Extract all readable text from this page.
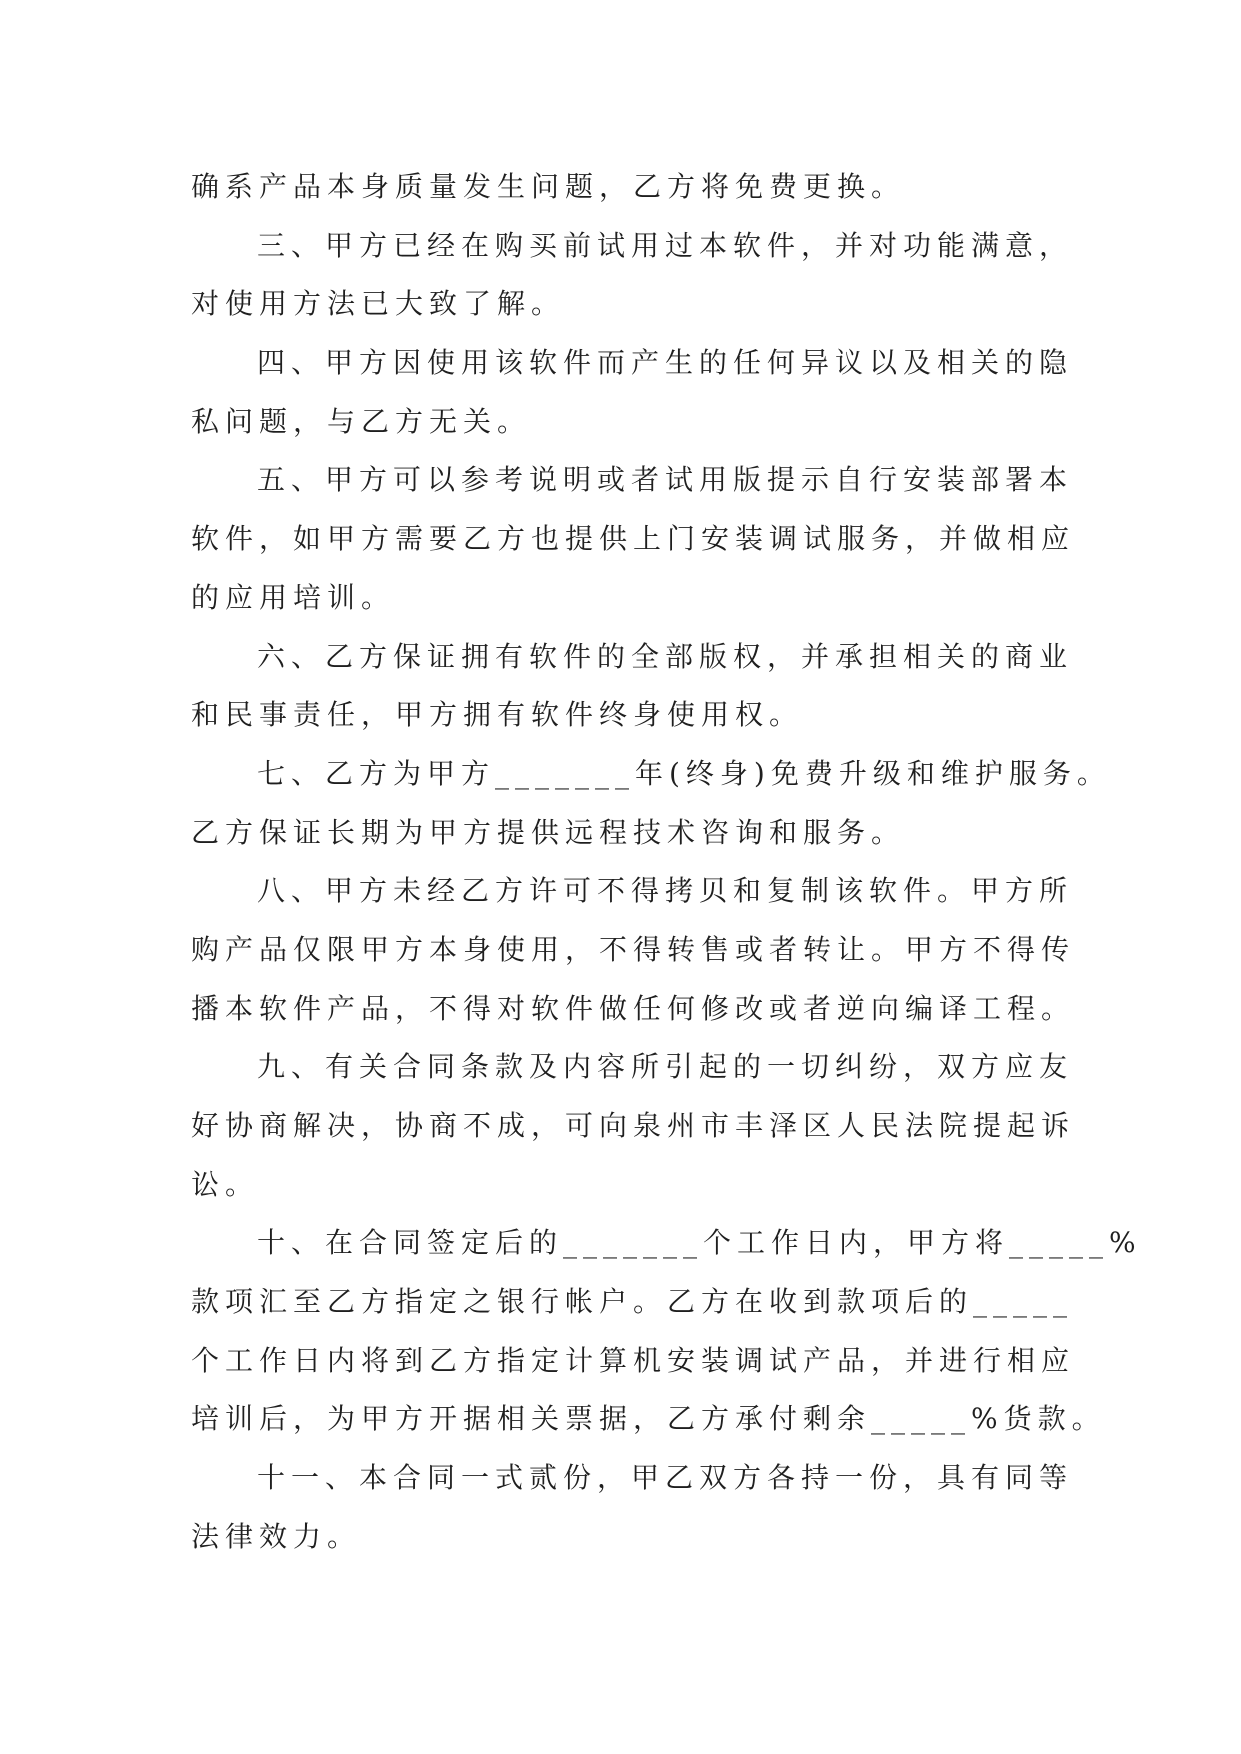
确系产品本身质量发生问题，乙方将免费更换。
三、甲方已经在购买前试用过本软件，并对功能满意，
对使用方法已大致了解。
四、甲方因使用该软件而产生的任何异议以及相关的隐
私问题，与乙方无关。
五、甲方可以参考说明或者试用版提示自行安装部署本
软件，如甲方需要乙方也提供上门安装调试服务，并做相应
的应用培训。
六、乙方保证拥有软件的全部版权，并承担相关的商业
和民事责任，甲方拥有软件终身使用权。
七、乙方为甲方_______年(终身)免费升级和维护服务。
乙方保证长期为甲方提供远程技术咨询和服务。
八、甲方未经乙方许可不得拷贝和复制该软件。甲方所
购产品仅限甲方本身使用，不得转售或者转让。甲方不得传
播本软件产品，不得对软件做任何修改或者逆向编译工程。
九、有关合同条款及内容所引起的一切纠纷，双方应友
好协商解决，协商不成，可向泉州市丰泽区人民法院提起诉
讼。
十、在合同签定后的_______个工作日内，甲方将_____%
款项汇至乙方指定之银行帐户。乙方在收到款项后的_____
个工作日内将到乙方指定计算机安装调试产品，并进行相应
培训后，为甲方开据相关票据，乙方承付剩余_____%货款。
十一、本合同一式贰份，甲乙双方各持一份，具有同等
法律效力。
